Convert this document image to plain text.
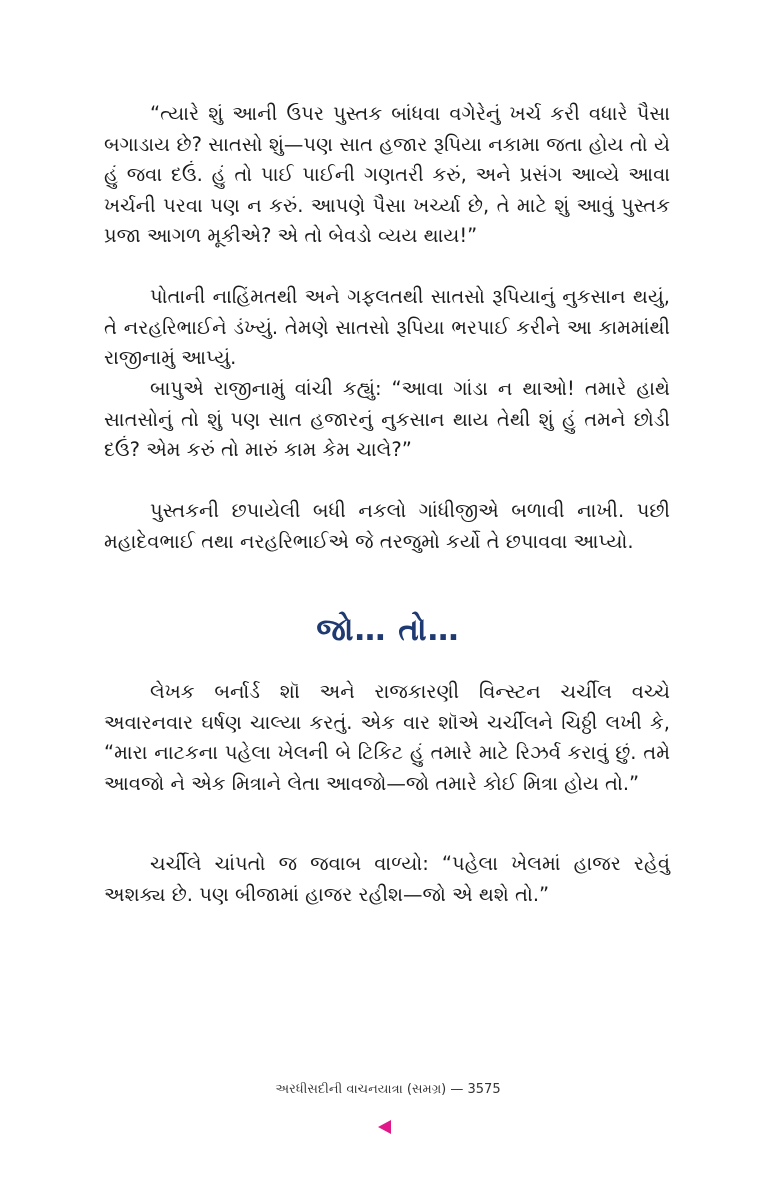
“ત્યારે શું આની ઉપર પુસ્તક બાંધવા વગેરેનું ખર્ચ કરી વધારે પૈસા બગાડાય છે? સાતસો શું—પણ સાત હજાર રૂપિયા નકામા જતા હોય તો યે હું જવા દઉં. હું તો પાઈ પાઈની ગણતરી કરું, અને પ્રસંગ આવ્યે આવા ખર્ચની પરવા પણ ન કરું. આપણે પૈસા ખર્ચ્યા છે, તે માટે શું આવું પુસ્તક પ્રજા આગળ મૂકીએ? એ તો બેવડો વ્યય થાય!”

પોતાની નાહિંમતથી અને ગફલતથી સાતસો રૂપિયાનું નુકસાન થયું, તે નરહરિભાઈને ડંખ્યું. તેમણે સાતસો રૂપિયા ભરપાઈ કરીને આ કામમાંથી રાજીનામું આપ્યું.

બાપુએ રાજીનામું વાંચી કહ્યું: “આવા ગાંડા ન થાઓ! તમારે હાથે સાતસોનું તો શું પણ સાત હજારનું નુકસાન થાય તેથી શું હું તમને છોડી દઉં? એમ કરું તો મારું કામ કેમ ચાલે?”

પુસ્તકની છપાયેલી બધી નકલો ગાંધીજીએ બળાવી નાખી. પછી મહાદેવભાઈ તથા નરહરિભાઈએ જે તરજુમો કર્યો તે છપાવવા આપ્યો.

જો… તો…

લેખક બર્નાર્ડ શૉ અને રાજકારણી વિન્સ્ટન ચર્ચીલ વચ્ચે અવારનવાર ઘર્ષણ ચાલ્યા કરતું. એક વાર શૉએ ચર્ચીલને ચિઠ્ઠી લખી કે, “મારા નાટકના પહેલા ખેલની બે ટિકિટ હું તમારે માટે રિઝર્વ કરાવું છું. તમે આવજો ને એક મિત્રાને લેતા આવજો—જો તમારે કોઈ મિત્રા હોય તો.”

ચર્ચીલે ચાંપતો જ જવાબ વાળ્યો: “પહેલા ખેલમાં હાજર રહેવું અશક્ય છે. પણ બીજામાં હાજર રહીશ—જો એ થશે તો.”

અરધીસદીની વાચનયાત્રા (સમગ્ર) — 3575
